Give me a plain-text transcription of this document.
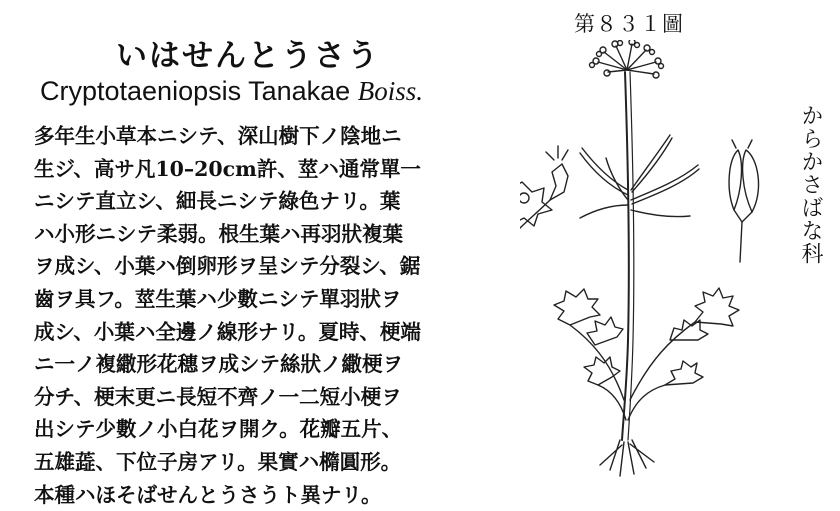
いはせんとうさう
Cryptotaeniopsis Tanakae Boiss.
多年生小草本ニシテ、深山樹下ノ陰地ニ
生ジ、高サ凡10–20cm許、莖ハ通常單一
ニシテ直立シ、細長ニシテ綠色ナリ。葉
ハ小形ニシテ柔弱。根生葉ハ再羽狀複葉
ヲ成シ、小葉ハ倒卵形ヲ呈シテ分裂シ、鋸
齒ヲ具フ。莖生葉ハ少數ニシテ單羽狀ヲ
成シ、小葉ハ全邊ノ線形ナリ。夏時、梗端
ニ一ノ複繖形花穗ヲ成シテ絲狀ノ繖梗ヲ
分チ、梗末更ニ長短不齊ノ一二短小梗ヲ
出シテ少數ノ小白花ヲ開ク。花瓣五片、
五雄蕋、下位子房アリ。果實ハ橢圓形。
本種ハほそばせんとうさうト異ナリ。
第８３１圖
からかさばな科
